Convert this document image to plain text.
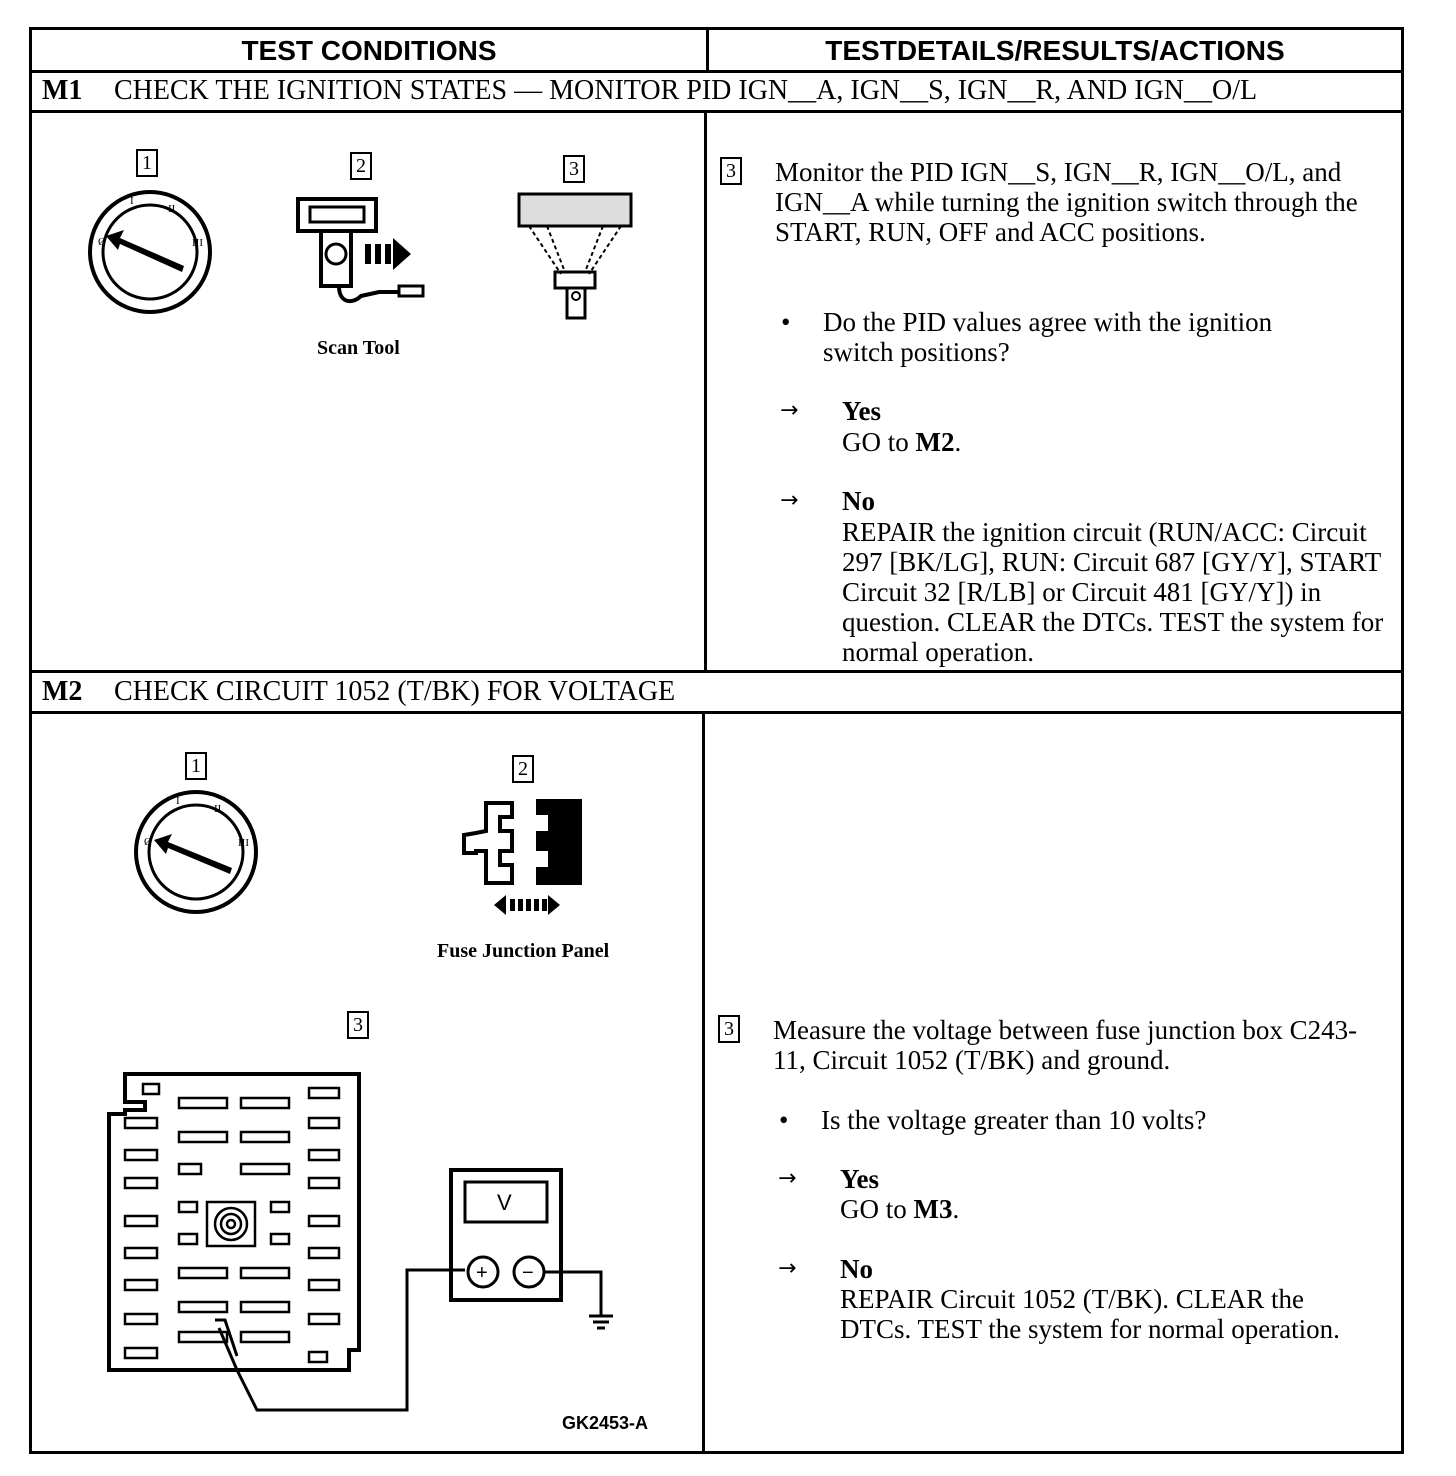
TEST CONDITIONS	TESTDETAILS/RESULTS/ACTIONS
M1	CHECK THE IGNITION STATES — MONITOR PID IGN__A, IGN__S, IGN__R, AND IGN__O/L
1	2	3
Ø
I
II
III
Scan Tool
3 Monitor the PID IGN__S, IGN__R, IGN__O/L, and IGN__A while turning the ignition switch through the START, RUN, OFF and ACC positions.
• Do the PID values agree with the ignition switch positions?
→ Yes
GO to M2.
→ No
REPAIR the ignition circuit (RUN/ACC: Circuit 297 [BK/LG], RUN: Circuit 687 [GY/Y], START Circuit 32 [R/LB] or Circuit 481 [GY/Y]) in question. CLEAR the DTCs. TEST the system for normal operation.
M2	CHECK CIRCUIT 1052 (T/BK) FOR VOLTAGE
1	2
3
Ø
I
II
III
Fuse Junction Panel
V
+ −
GK2453-A
3 Measure the voltage between fuse junction box C243-11, Circuit 1052 (T/BK) and ground.
• Is the voltage greater than 10 volts?
→ Yes
GO to M3.
→ No
REPAIR Circuit 1052 (T/BK). CLEAR the DTCs. TEST the system for normal operation.
